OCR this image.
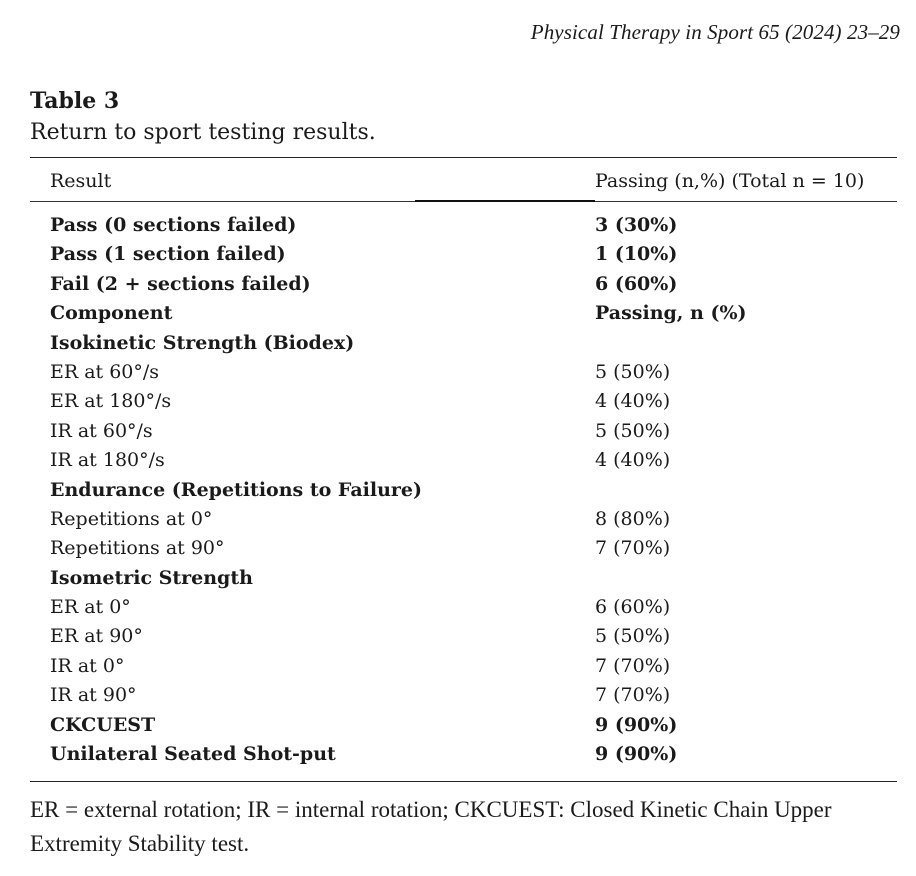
Physical Therapy in Sport 65 (2024) 23–29
Table 3
Return to sport testing results.
Result	Passing (n,%) (Total n = 10)
Pass (0 sections failed)	3 (30%)
Pass (1 section failed)	1 (10%)
Fail (2 + sections failed)	6 (60%)
Component	Passing, n (%)
Isokinetic Strength (Biodex)
ER at 60°/s	5 (50%)
ER at 180°/s	4 (40%)
IR at 60°/s	5 (50%)
IR at 180°/s	4 (40%)
Endurance (Repetitions to Failure)
Repetitions at 0°	8 (80%)
Repetitions at 90°	7 (70%)
Isometric Strength
ER at 0°	6 (60%)
ER at 90°	5 (50%)
IR at 0°	7 (70%)
IR at 90°	7 (70%)
CKCUEST	9 (90%)
Unilateral Seated Shot-put	9 (90%)
ER = external rotation; IR = internal rotation; CKCUEST: Closed Kinetic Chain Upper Extremity Stability test.
